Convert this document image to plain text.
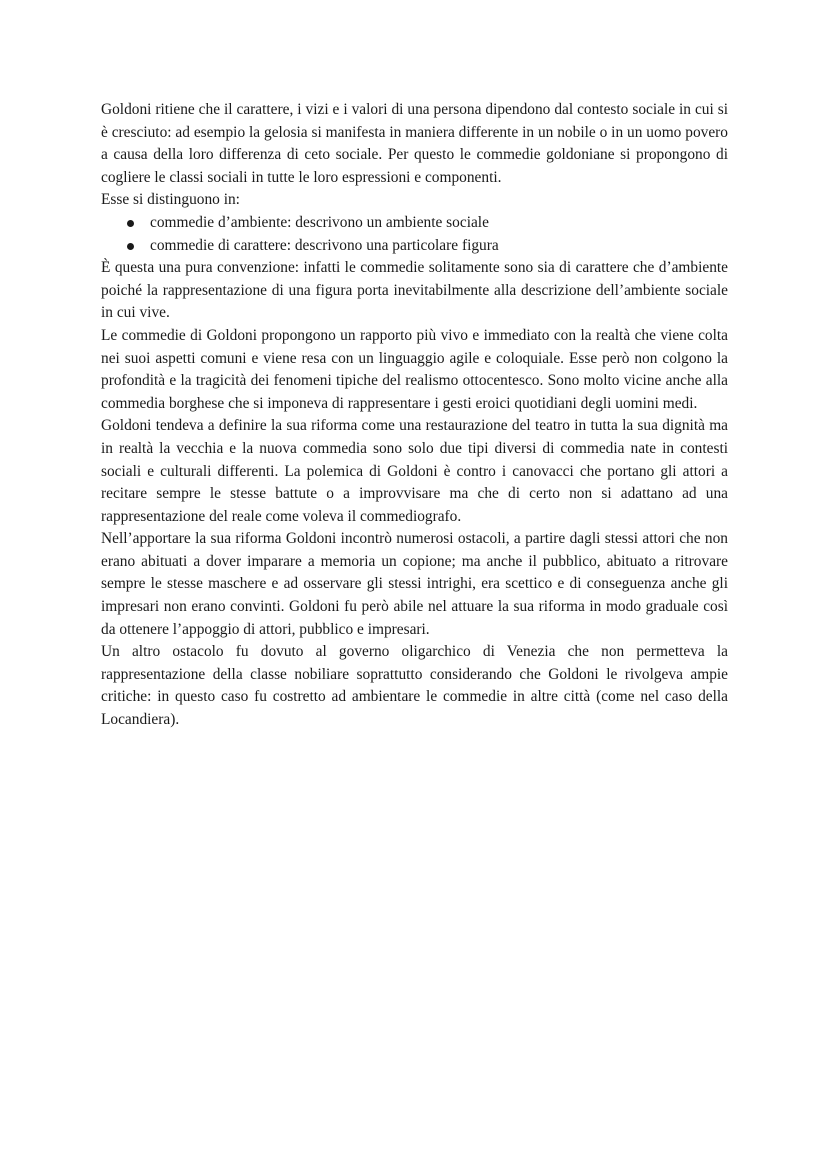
Goldoni ritiene che il carattere, i vizi e i valori di una persona dipendono dal contesto sociale in cui si è cresciuto: ad esempio la gelosia si manifesta in maniera differente in un nobile o in un uomo povero a causa della loro differenza di ceto sociale. Per questo le commedie goldoniane si propongono di cogliere le classi sociali in tutte le loro espressioni e componenti.

Esse si distinguono in:

commedie d’ambiente: descrivono un ambiente sociale
commedie di carattere: descrivono una particolare figura

È questa una pura convenzione: infatti le commedie solitamente sono sia di carattere che d’ambiente poiché la rappresentazione di una figura porta inevitabilmente alla descrizione dell’ambiente sociale in cui vive.

Le commedie di Goldoni propongono un rapporto più vivo e immediato con la realtà che viene colta nei suoi aspetti comuni e viene resa con un linguaggio agile e coloquiale. Esse però non colgono la profondità e la tragicità dei fenomeni tipiche del realismo ottocentesco. Sono molto vicine anche alla commedia borghese che si imponeva di rappresentare i gesti eroici quotidiani degli uomini medi.

Goldoni tendeva a definire la sua riforma come una restaurazione del teatro in tutta la sua dignità ma in realtà la vecchia e la nuova commedia sono solo due tipi diversi di commedia nate in contesti sociali e culturali differenti. La polemica di Goldoni è contro i canovacci che portano gli attori a recitare sempre le stesse battute o a improvvisare ma che di certo non si adattano ad una rappresentazione del reale come voleva il commediografo.

Nell’apportare la sua riforma Goldoni incontrò numerosi ostacoli, a partire dagli stessi attori che non erano abituati a dover imparare a memoria un copione; ma anche il pubblico, abituato a ritrovare sempre le stesse maschere e ad osservare gli stessi intrighi, era scettico e di conseguenza anche gli impresari non erano convinti. Goldoni fu però abile nel attuare la sua riforma in modo graduale così da ottenere l’appoggio di attori, pubblico e impresari.

Un altro ostacolo fu dovuto al governo oligarchico di Venezia che non permetteva la rappresentazione della classe nobiliare soprattutto considerando che Goldoni le rivolgeva ampie critiche: in questo caso fu costretto ad ambientare le commedie in altre città (come nel caso della Locandiera).
